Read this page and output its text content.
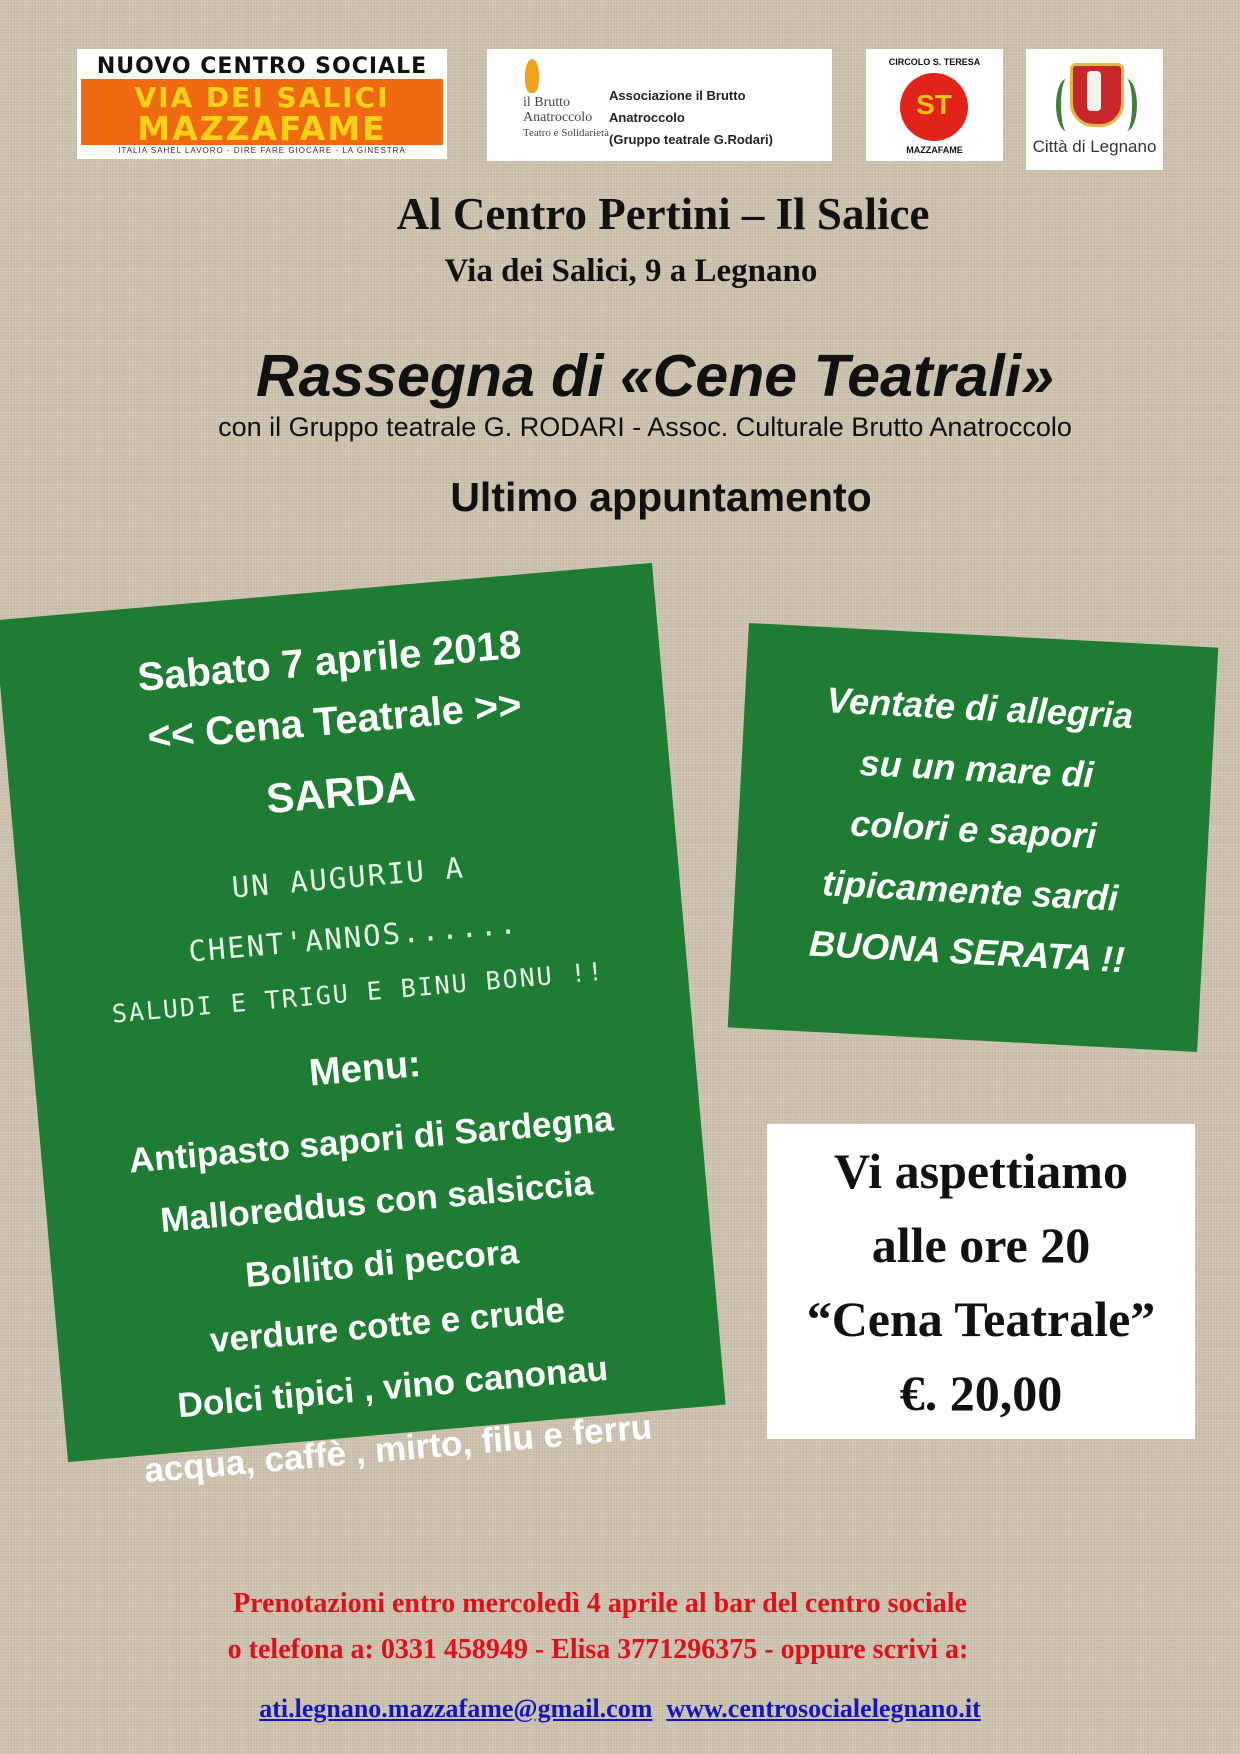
NUOVO CENTRO SOCIALE
VIA DEI SALICI
MAZZAFAME
ITALIA SAHEL LAVORO - DIRE FARE GIOCARE - LA GINESTRA
il Brutto Anatroccolo
Teatro e Solidarietà
Associazione il Brutto
Anatroccolo
(Gruppo teatrale G.Rodari)
CIRCOLO S. TERESA
ST
MAZZAFAME	Città di Legnano
Al Centro Pertini – Il Salice
Via dei Salici, 9 a Legnano
Rassegna di «Cene Teatrali»
con il Gruppo teatrale G. RODARI - Assoc. Culturale Brutto Anatroccolo
Ultimo appuntamento
Sabato 7 aprile 2018
<< Cena Teatrale >>
SARDA
UN AUGURIU A
CHENT'ANNOS......
SALUDI E TRIGU E BINU BONU !!
Menu:
Antipasto sapori di Sardegna
Malloreddus con salsiccia
Bollito di pecora
verdure cotte e crude
Dolci tipici , vino canonau
acqua, caffè , mirto, filu e ferru

Ventate di allegria

su un mare di

colori e sapori

tipicamente sardi

BUONA SERATA !!

Vi aspettiamo

alle ore 20

“Cena Teatrale”

€. 20,00

Prenotazioni entro mercoledì 4 aprile al bar del centro sociale
o telefona a: 0331 458949 - Elisa 3771296375 - oppure scrivi a:
ati.legnano.mazzafame@gmail.com www.centrosocialelegnano.it
